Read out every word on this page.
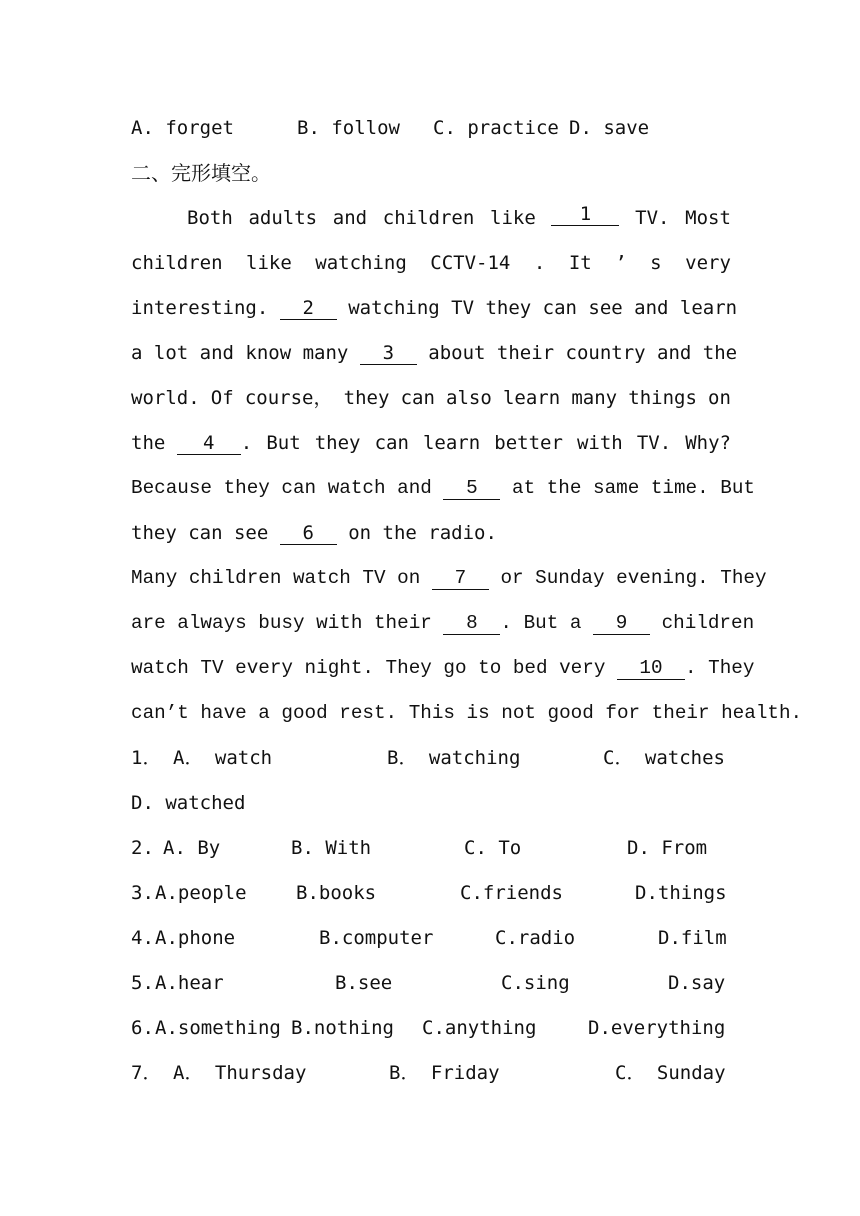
A. forget	B. follow	C. practice D. save
二、完形填空。
Both adults and children like	1	TV. Most
children like watching CCTV-14 . It ’ s very
interesting. 2 watching TV they can see and learn
a lot and know many 3 about their country and the
world. Of course， they can also learn many things on
the 4 . But they can learn better with TV. Why?
Because they can watch and 5 at the same time. But
they can see 6 on the radio.
Many children watch TV on 7 or Sunday evening. They
are always busy with their 8 . But a 9 children
watch TV every night. They go to bed very 10 . They
can’t have a good rest. This is not good for their health.
1． A． watch	B． watching	C． watches
D. watched
2. A. By	B. With	C. To	D. From
3. A.people	B.books	C.friends	D.things
4. A.phone	B.computer	C.radio	D.film
5. A.hear	B.see	C.sing	D.say
6. A.something B.nothing	C.anything	D.everything
7． A． Thursday	B． Friday	C． Sunday
